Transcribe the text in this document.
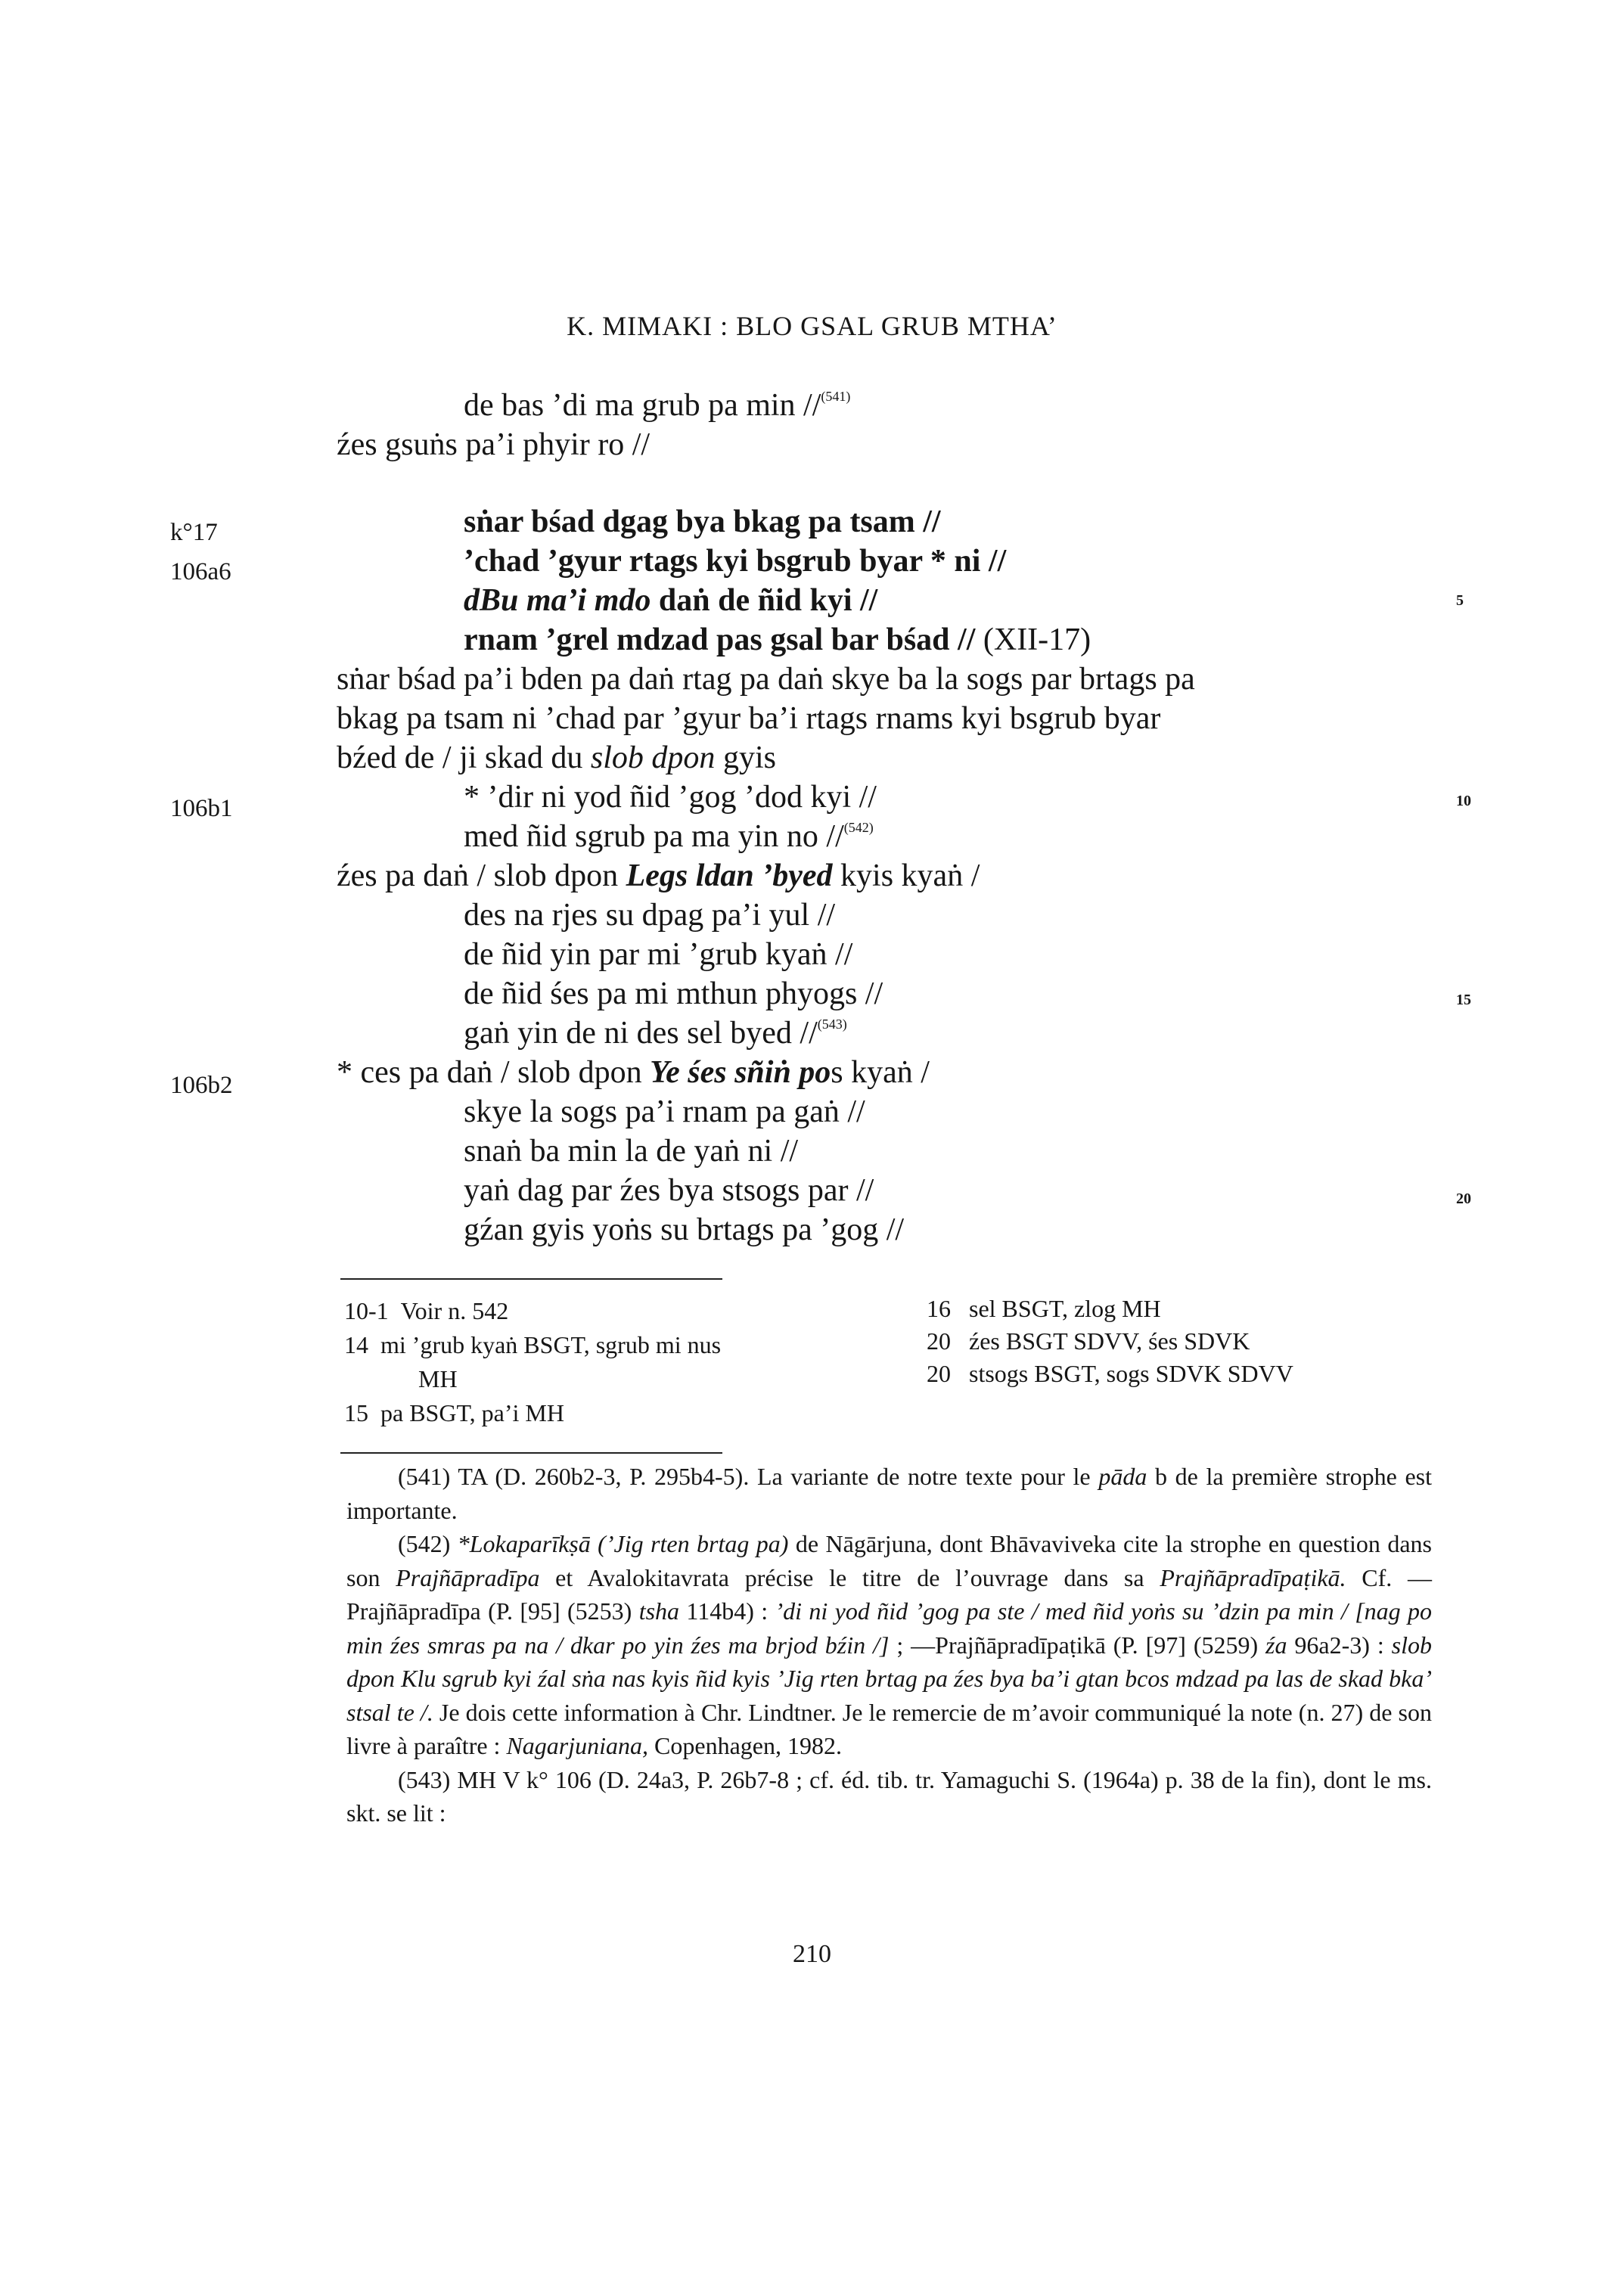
K. MIMAKI : BLO GSAL GRUB MTHA’
k°17
106a6
106b1
106b2
5
10
15
20
de bas ’di ma grub pa min //$^{(541)}$
źes gsuṅs pa’i phyir ro //
sṅar bśad dgag bya bkag pa tsam //
’chad ’gyur rtags kyi bsgrub byar * ni //
dBu ma’i mdo daṅ de ñid kyi //
rnam ’grel mdzad pas gsal bar bśad // (XII-17)
sṅar bśad pa’i bden pa daṅ rtag pa daṅ skye ba la sogs par brtags pa
bkag pa tsam ni ’chad par ’gyur ba’i rtags rnams kyi bsgrub byar
bźed de / ji skad du slob dpon gyis
* ’dir ni yod ñid ’gog ’dod kyi //
med ñid sgrub pa ma yin no //$^{(542)}$
źes pa daṅ / slob dpon Legs ldan ’byed kyis kyaṅ /
des na rjes su dpag pa’i yul //
de ñid yin par mi ’grub kyaṅ //
de ñid śes pa mi mthun phyogs //
gaṅ yin de ni des sel byed //$^{(543)}$
* ces pa daṅ / slob dpon Ye śes sñiṅ pos kyaṅ /
skye la sogs pa’i rnam pa gaṅ //
snaṅ ba min la de yaṅ ni //
yaṅ dag par źes bya stsogs par //
gźan gyis yoṅs su brtags pa ’gog //
10-1 Voir n. 542
14 mi ’grub kyaṅ BSGT, sgrub mi nus
MH
15 pa BSGT, pa’i MH
16 sel BSGT, zlog MH
20 źes BSGT SDVV, śes SDVK
20 stsogs BSGT, sogs SDVK SDVV

(541) TA (D. 260b2-3, P. 295b4-5). La variante de notre texte pour le pāda b de la première strophe est importante.

(542) *Lokaparīkṣā (’Jig rten brtag pa) de Nāgārjuna, dont Bhāvaviveka cite la strophe en question dans son Prajñāpradīpa et Avalokitavrata précise le titre de l’ouvrage dans sa Prajñāpradīpaṭikā. Cf. —Prajñāpradīpa (P. [95] (5253) tsha 114b4) : ’di ni yod ñid ’gog pa ste / med ñid yoṅs su ’dzin pa min / [nag po min źes smras pa na / dkar po yin źes ma brjod bźin /] ; —Prajñāpradīpaṭikā (P. [97] (5259) źa 96a2-3) : slob dpon Klu sgrub kyi źal sṅa nas kyis ñid kyis ’Jig rten brtag pa źes bya ba’i gtan bcos mdzad pa las de skad bka’ stsal te /. Je dois cette information à Chr. Lindtner. Je le remercie de m’avoir communiqué la note (n. 27) de son livre à paraître : Nagarjuniana, Copenhagen, 1982.

(543) MH V k° 106 (D. 24a3, P. 26b7-8 ; cf. éd. tib. tr. Yamaguchi S. (1964a) p. 38 de la fin), dont le ms. skt. se lit :

210
